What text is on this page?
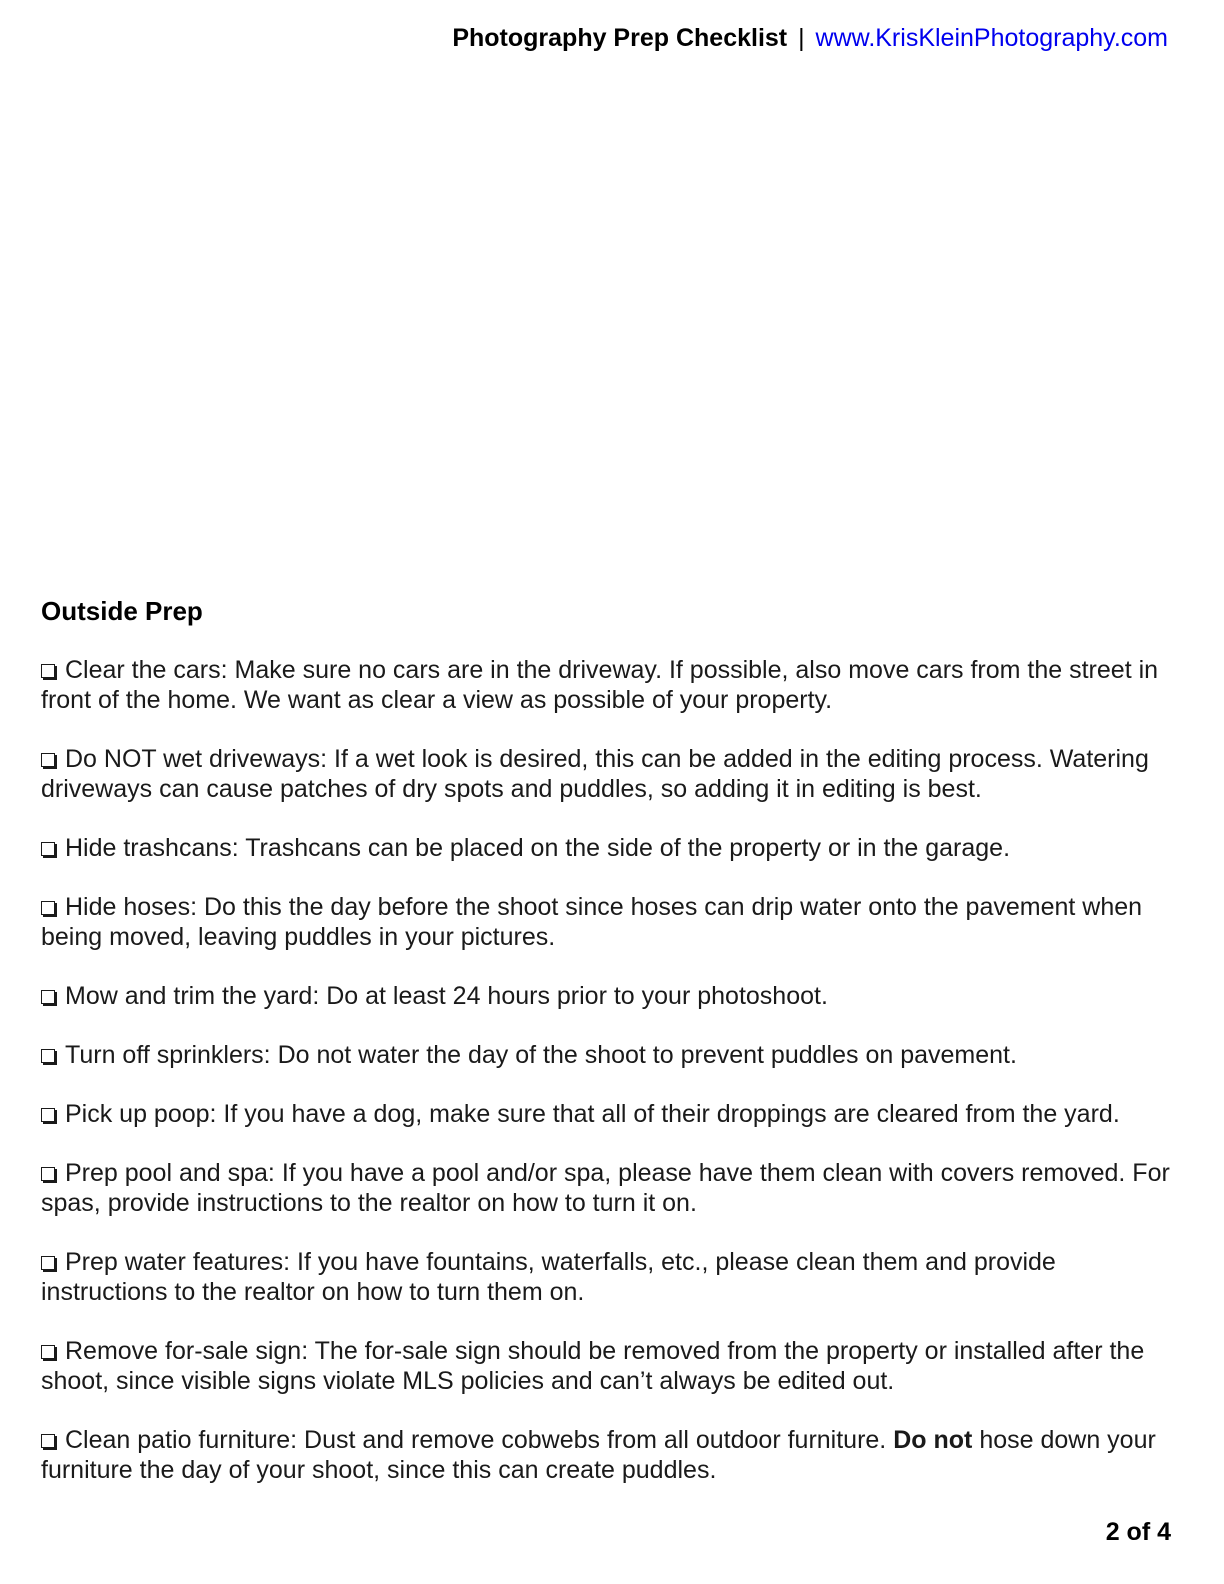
Photography Prep Checklist | www.KrisKleinPhotography.com
Outside Prep
Clear the cars: Make sure no cars are in the driveway. If possible, also move cars from the street in front of the home. We want as clear a view as possible of your property.
Do NOT wet driveways: If a wet look is desired, this can be added in the editing process. Watering driveways can cause patches of dry spots and puddles, so adding it in editing is best.
Hide trashcans: Trashcans can be placed on the side of the property or in the garage.
Hide hoses: Do this the day before the shoot since hoses can drip water onto the pavement when being moved, leaving puddles in your pictures.
Mow and trim the yard: Do at least 24 hours prior to your photoshoot.
Turn off sprinklers: Do not water the day of the shoot to prevent puddles on pavement.
Pick up poop: If you have a dog, make sure that all of their droppings are cleared from the yard.
Prep pool and spa: If you have a pool and/or spa, please have them clean with covers removed. For spas, provide instructions to the realtor on how to turn it on.
Prep water features: If you have fountains, waterfalls, etc., please clean them and provide instructions to the realtor on how to turn them on.
Remove for-sale sign: The for-sale sign should be removed from the property or installed after the shoot, since visible signs violate MLS policies and can’t always be edited out.
Clean patio furniture: Dust and remove cobwebs from all outdoor furniture. Do not hose down your furniture the day of your shoot, since this can create puddles.
2 of 4
